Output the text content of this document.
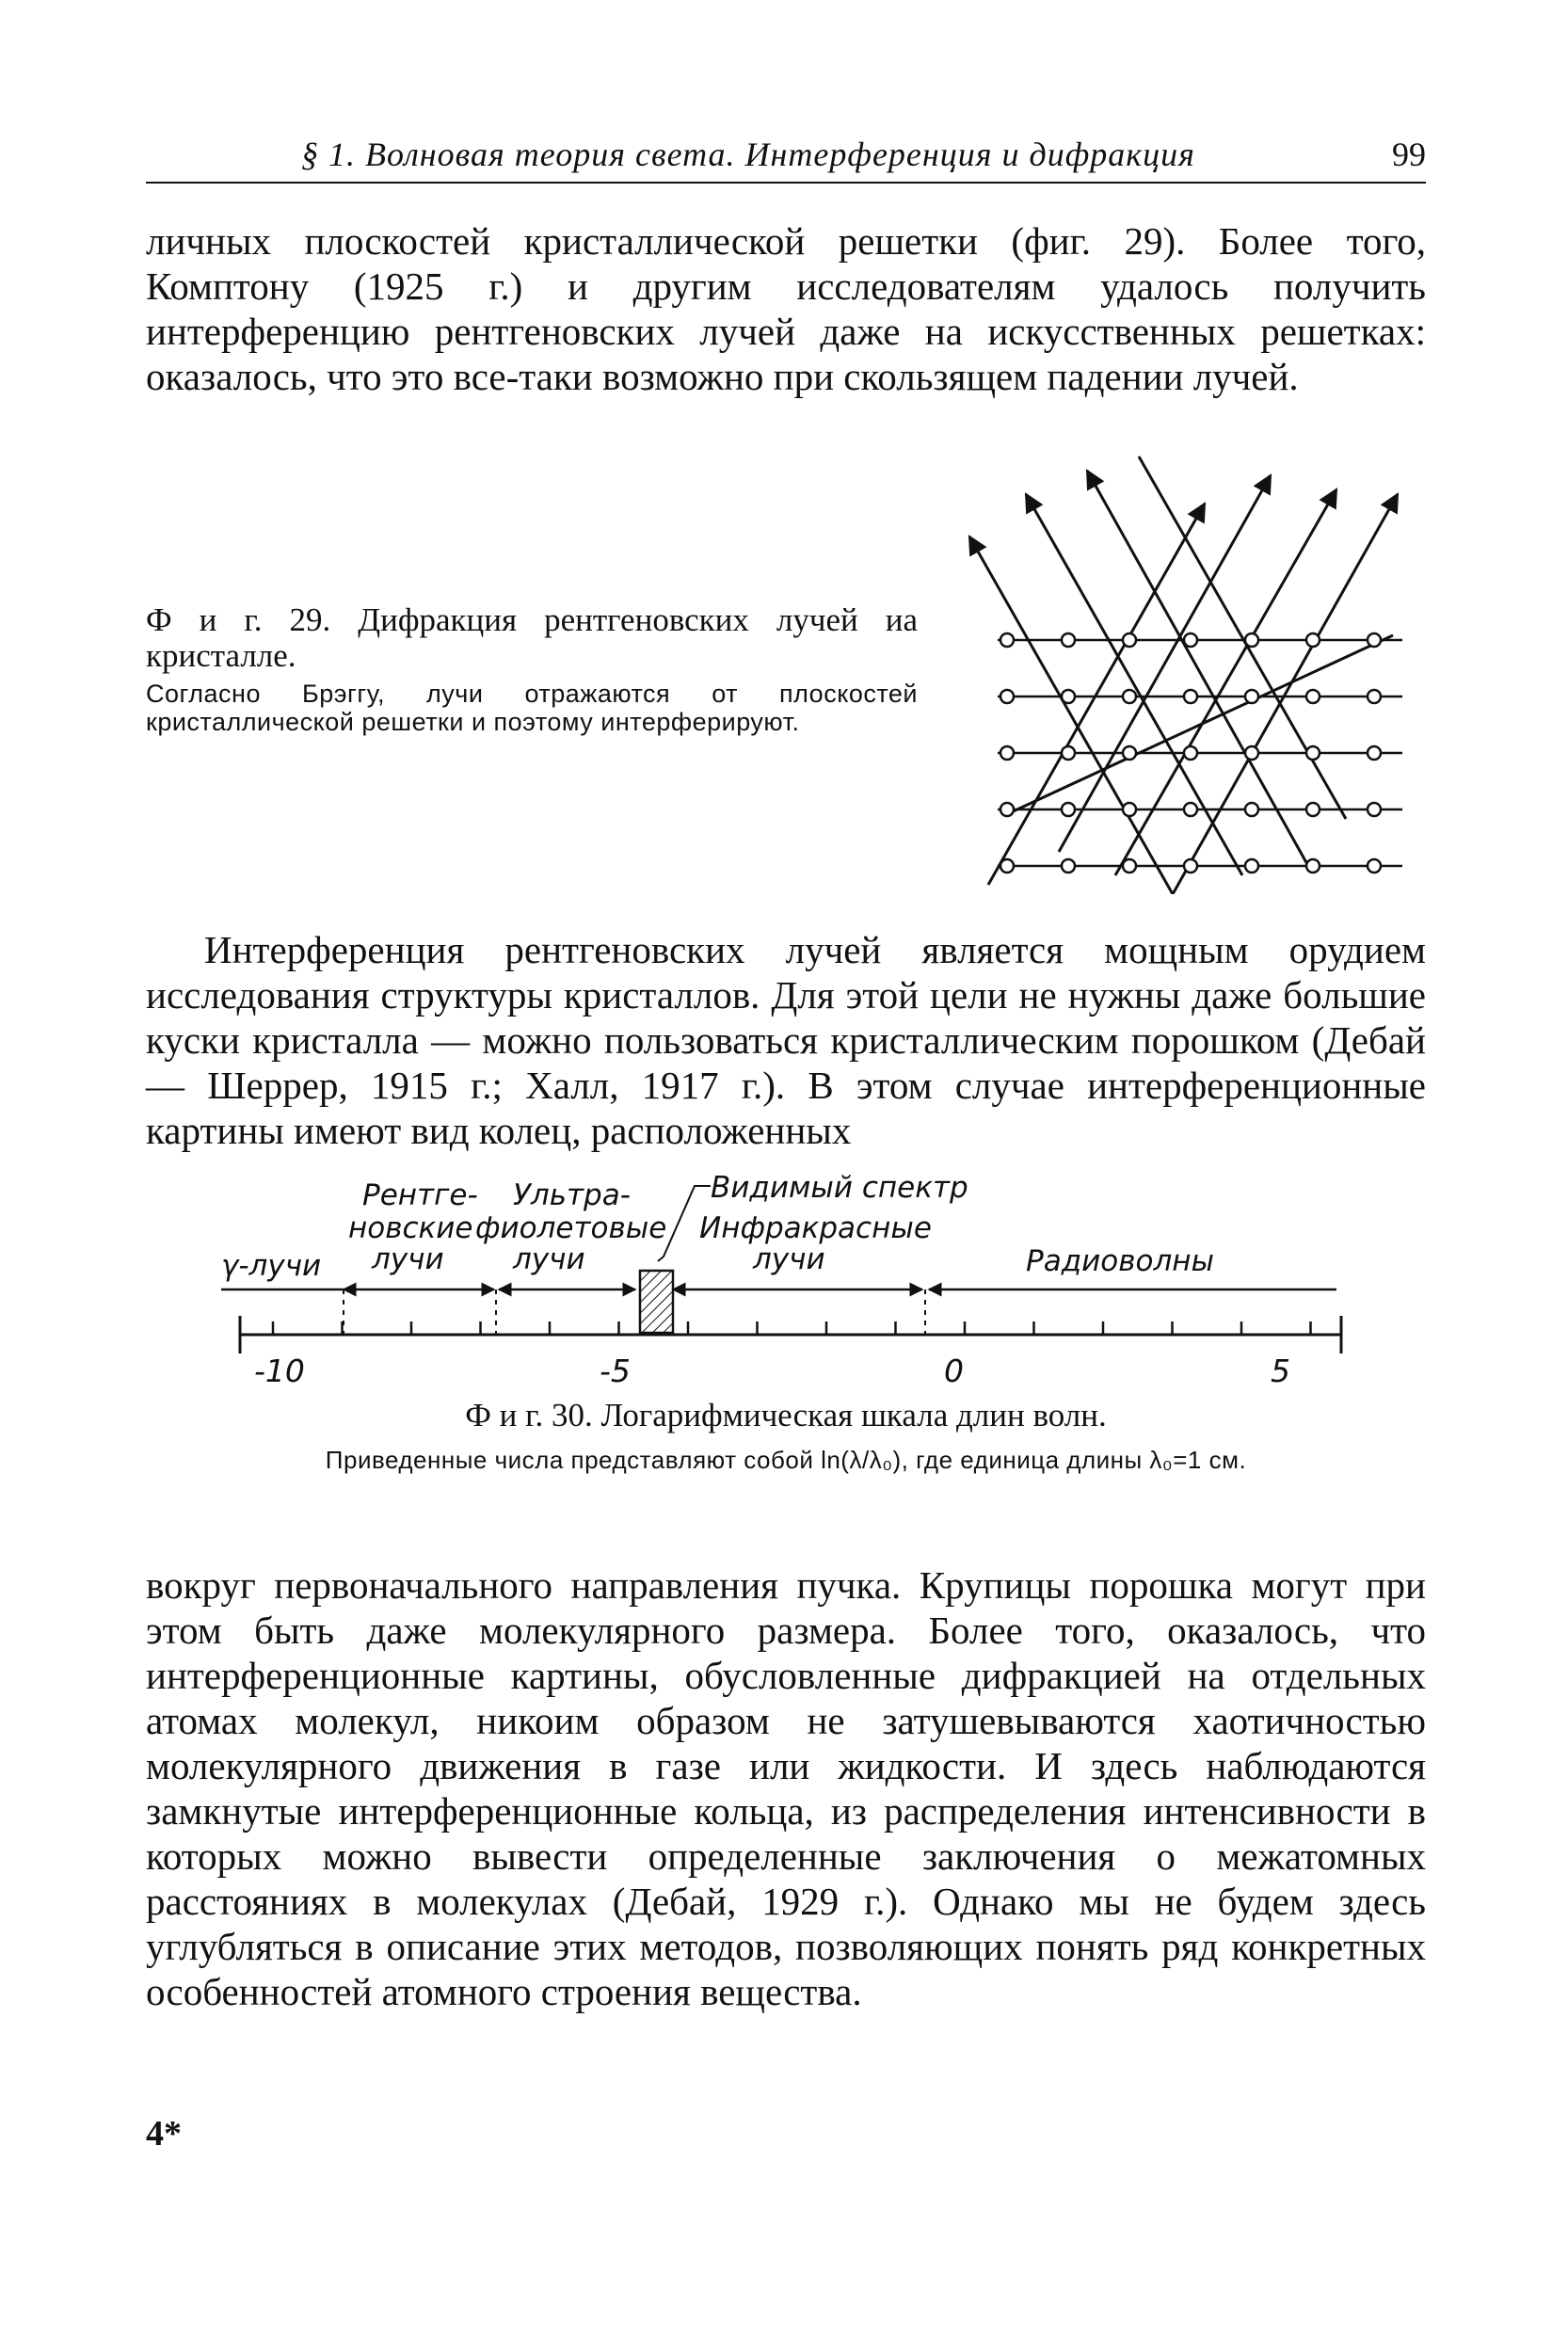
§ 1. Волновая теория света. Интерференция и дифракция	99

личных плоскостей кристаллической решетки (фиг. 29). Более того, Комптону (1925 г.) и другим исследователям удалось получить интерференцию рентгеновских лучей даже на искусственных решетках: оказалось, что это все-таки возможно при скользящем падении лучей.

Ф и г. 29. Дифракция рентгеновских лучей иа кристалле.

Согласно Брэггу, лучи отражаются от плоскостей кристаллической решетки и поэтому интерферируют.

Интерференция рентгеновских лучей является мощным орудием исследования структуры кристаллов. Для этой цели не нужны даже большие куски кристалла — можно пользоваться кристаллическим порошком (Дебай — Шеррер, 1915 г.; Халл, 1917 г.). В этом случае интерференционные картины имеют вид колец, расположенных

Рентге-
новские
лучи
Ультра-
фиолетовые
лучи
Видимый спектр
Инфракрасные
лучи
γ-лучи	Радиоволны
-10	-5	0	5

Ф и г. 30. Логарифмическая шкала длин волн.

Приведенные числа представляют собой ln(λ/λ₀), где единица длины λ₀=1 см.

вокруг первоначального направления пучка. Крупицы порошка могут при этом быть даже молекулярного размера. Более того, оказалось, что интерференционные картины, обусловленные дифракцией на отдельных атомах молекул, никоим образом не затушевываются хаотичностью молекулярного движения в газе или жидкости. И здесь наблюдаются замкнутые интерференционные кольца, из распределения интенсивности в которых можно вывести определенные заключения о межатомных расстояниях в молекулах (Дебай, 1929 г.). Однако мы не будем здесь углубляться в описание этих методов, позволяющих понять ряд конкретных особенностей атомного строения вещества.

4*
